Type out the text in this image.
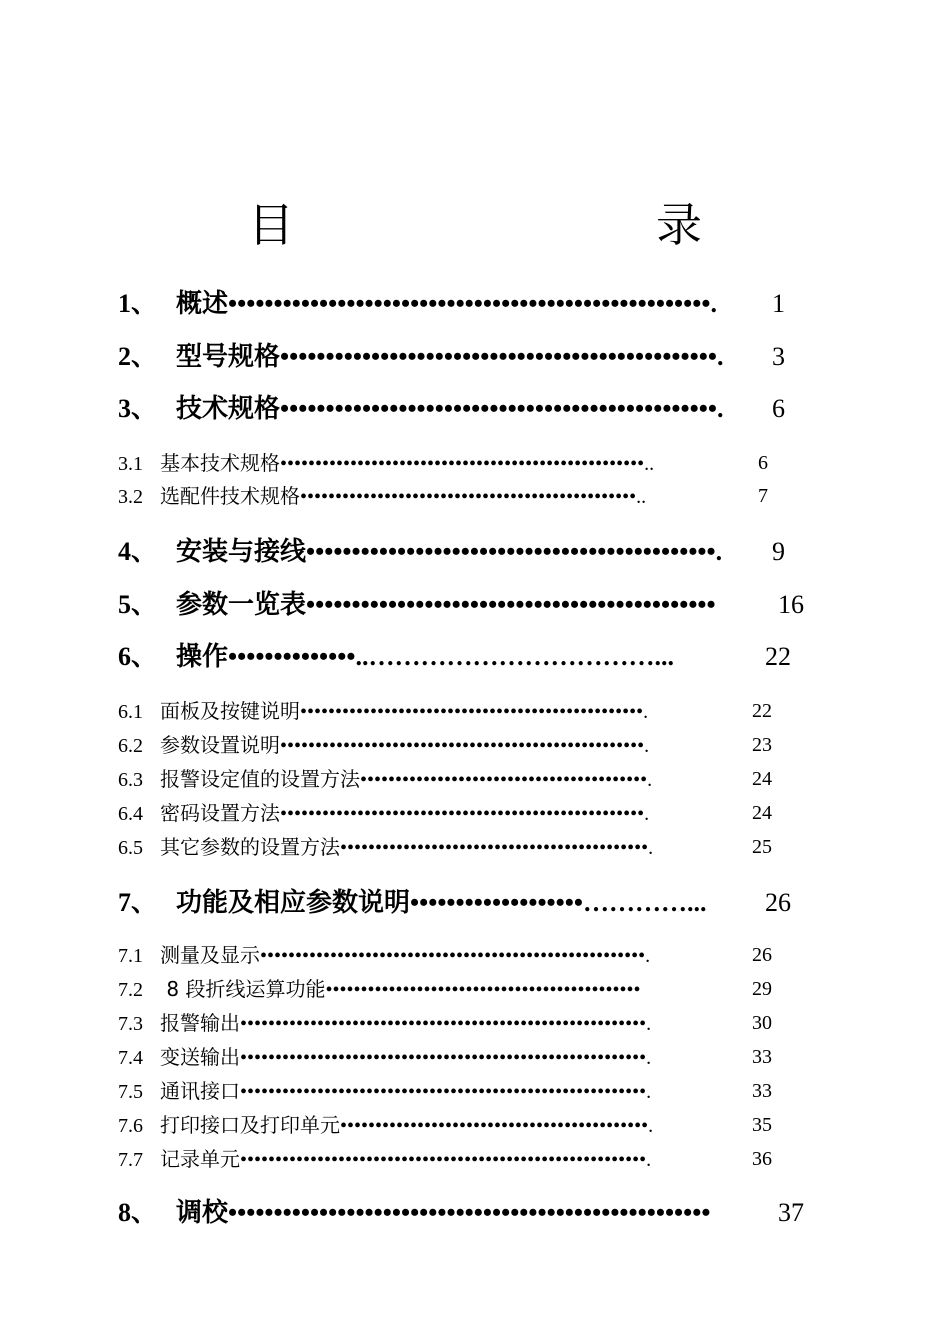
目　　录
1、 概述•••••••••••••••••••••••••••••••••••••••••••••••••••••. 1
2、 型号规格••••••••••••••••••••••••••••••••••••••••••••••••. 3
3、 技术规格••••••••••••••••••••••••••••••••••••••••••••••••. 6
3.1 基本技术规格••••••••••••••••••••••••••••••••••••••••••••••••••••..	6
3.2 选配件技术规格••••••••••••••••••••••••••••••••••••••••••••••••..	7
4、 安装与接线•••••••••••••••••••••••••••••••••••••••••••••. 9
5、 参数一览表••••••••••••••••••••••••••••••••••••••••••••• 16
6、 操作••••••••••••••..……………………………...	22
6.1 面板及按键说明•••••••••••••••••••••••••••••••••••••••••••••••••.	22
6.2 参数设置说明••••••••••••••••••••••••••••••••••••••••••••••••••••.	23
6.3 报警设定值的设置方法•••••••••••••••••••••••••••••••••••••••••.	24
6.4 密码设置方法••••••••••••••••••••••••••••••••••••••••••••••••••••.	24
6.5 其它参数的设置方法••••••••••••••••••••••••••••••••••••••••••••.	25
7、 功能及相应参数说明•••••••••••••••••••…………... 26
7.1 测量及显示•••••••••••••••••••••••••••••••••••••••••••••••••••••••.	26
7.2 8 段折线运算功能•••••••••••••••••••••••••••••••••••••••••••••	29
7.3 报警输出••••••••••••••••••••••••••••••••••••••••••••••••••••••••••.	30
7.4 变送输出••••••••••••••••••••••••••••••••••••••••••••••••••••••••••.	33
7.5 通讯接口••••••••••••••••••••••••••••••••••••••••••••••••••••••••••.	33
7.6 打印接口及打印单元••••••••••••••••••••••••••••••••••••••••••••.	35
7.7 记录单元••••••••••••••••••••••••••••••••••••••••••••••••••••••••••.	36
8、 调校•••••••••••••••••••••••••••••••••••••••••••••••••••••	37
